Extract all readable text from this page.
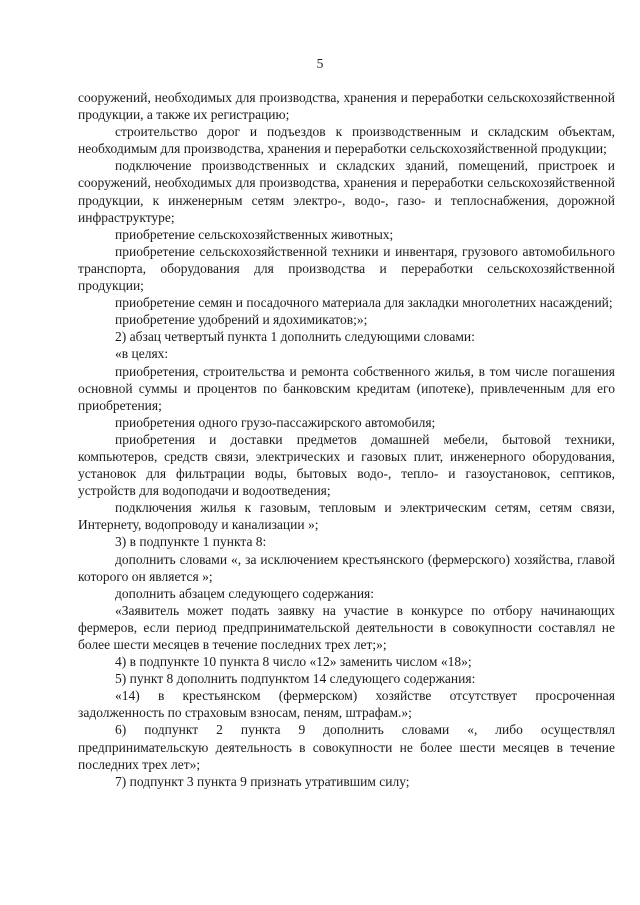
5

сооружений, необходимых для производства, хранения и переработки сельскохозяйственной продукции, а также их регистрацию;

строительство дорог и подъездов к производственным и складским объектам, необходимым для производства, хранения и переработки сельскохозяйственной продукции;

подключение производственных и складских зданий, помещений, пристроек и сооружений, необходимых для производства, хранения и переработки сельскохозяйственной продукции, к инженерным сетям электро-, водо-, газо- и теплоснабжения, дорожной инфраструктуре;

приобретение сельскохозяйственных животных;

приобретение сельскохозяйственной техники и инвентаря, грузового автомобильного транспорта, оборудования для производства и переработки сельскохозяйственной продукции;

приобретение семян и посадочного материала для закладки многолетних насаждений;

приобретение удобрений и ядохимикатов;»;

2) абзац четвертый пункта 1 дополнить следующими словами:

«в целях:

приобретения, строительства и ремонта собственного жилья, в том числе погашения основной суммы и процентов по банковским кредитам (ипотеке), привлеченным для его приобретения;

приобретения одного грузо-пассажирского автомобиля;

приобретения и доставки предметов домашней мебели, бытовой техники, компьютеров, средств связи, электрических и газовых плит, инженерного оборудования, установок для фильтрации воды, бытовых водо-, тепло- и газоустановок, септиков, устройств для водоподачи и водоотведения;

подключения жилья к газовым, тепловым и электрическим сетям, сетям связи, Интернету, водопроводу и канализации »;

3) в подпункте 1 пункта 8:

дополнить словами «, за исключением крестьянского (фермерского) хозяйства, главой которого он является »;

дополнить абзацем следующего содержания:

«Заявитель может подать заявку на участие в конкурсе по отбору начинающих фермеров, если период предпринимательской деятельности в совокупности составлял не более шести месяцев в течение последних трех лет;»;

4) в подпункте 10 пункта 8 число «12» заменить числом «18»;

5) пункт 8 дополнить подпунктом 14 следующего содержания:

«14) в крестьянском (фермерском) хозяйстве отсутствует просроченная задолженность по страховым взносам, пеням, штрафам.»;

6) подпункт 2 пункта 9 дополнить словами «, либо осуществлял предпринимательскую деятельность в совокупности не более шести месяцев в течение последних трех лет»;

7) подпункт 3 пункта 9 признать утратившим силу;
